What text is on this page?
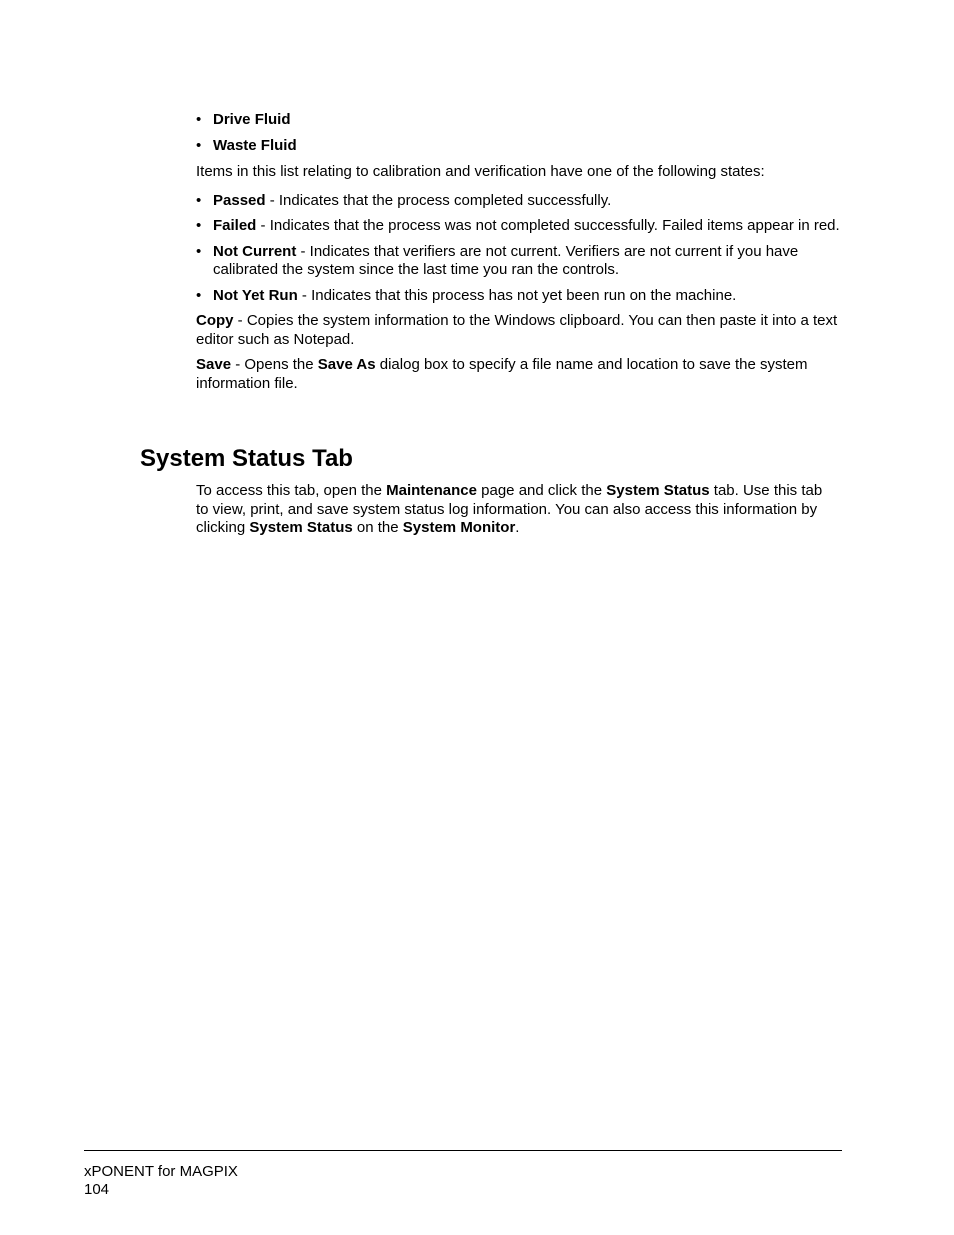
• Drive Fluid
• Waste Fluid

Items in this list relating to calibration and verification have one of the following states:

• Passed - Indicates that the process completed successfully.
• Failed - Indicates that the process was not completed successfully. Failed items appear in red.
• Not Current - Indicates that verifiers are not current. Verifiers are not current if you have calibrated the system since the last time you ran the controls.
• Not Yet Run - Indicates that this process has not yet been run on the machine.

Copy - Copies the system information to the Windows clipboard. You can then paste it into a text editor such as Notepad.

Save - Opens the Save As dialog box to specify a file name and location to save the system information file.

System Status Tab

To access this tab, open the Maintenance page and click the System Status tab. Use this tab to view, print, and save system status log information. You can also access this information by clicking System Status on the System Monitor.

xPONENT for MAGPIX
104
